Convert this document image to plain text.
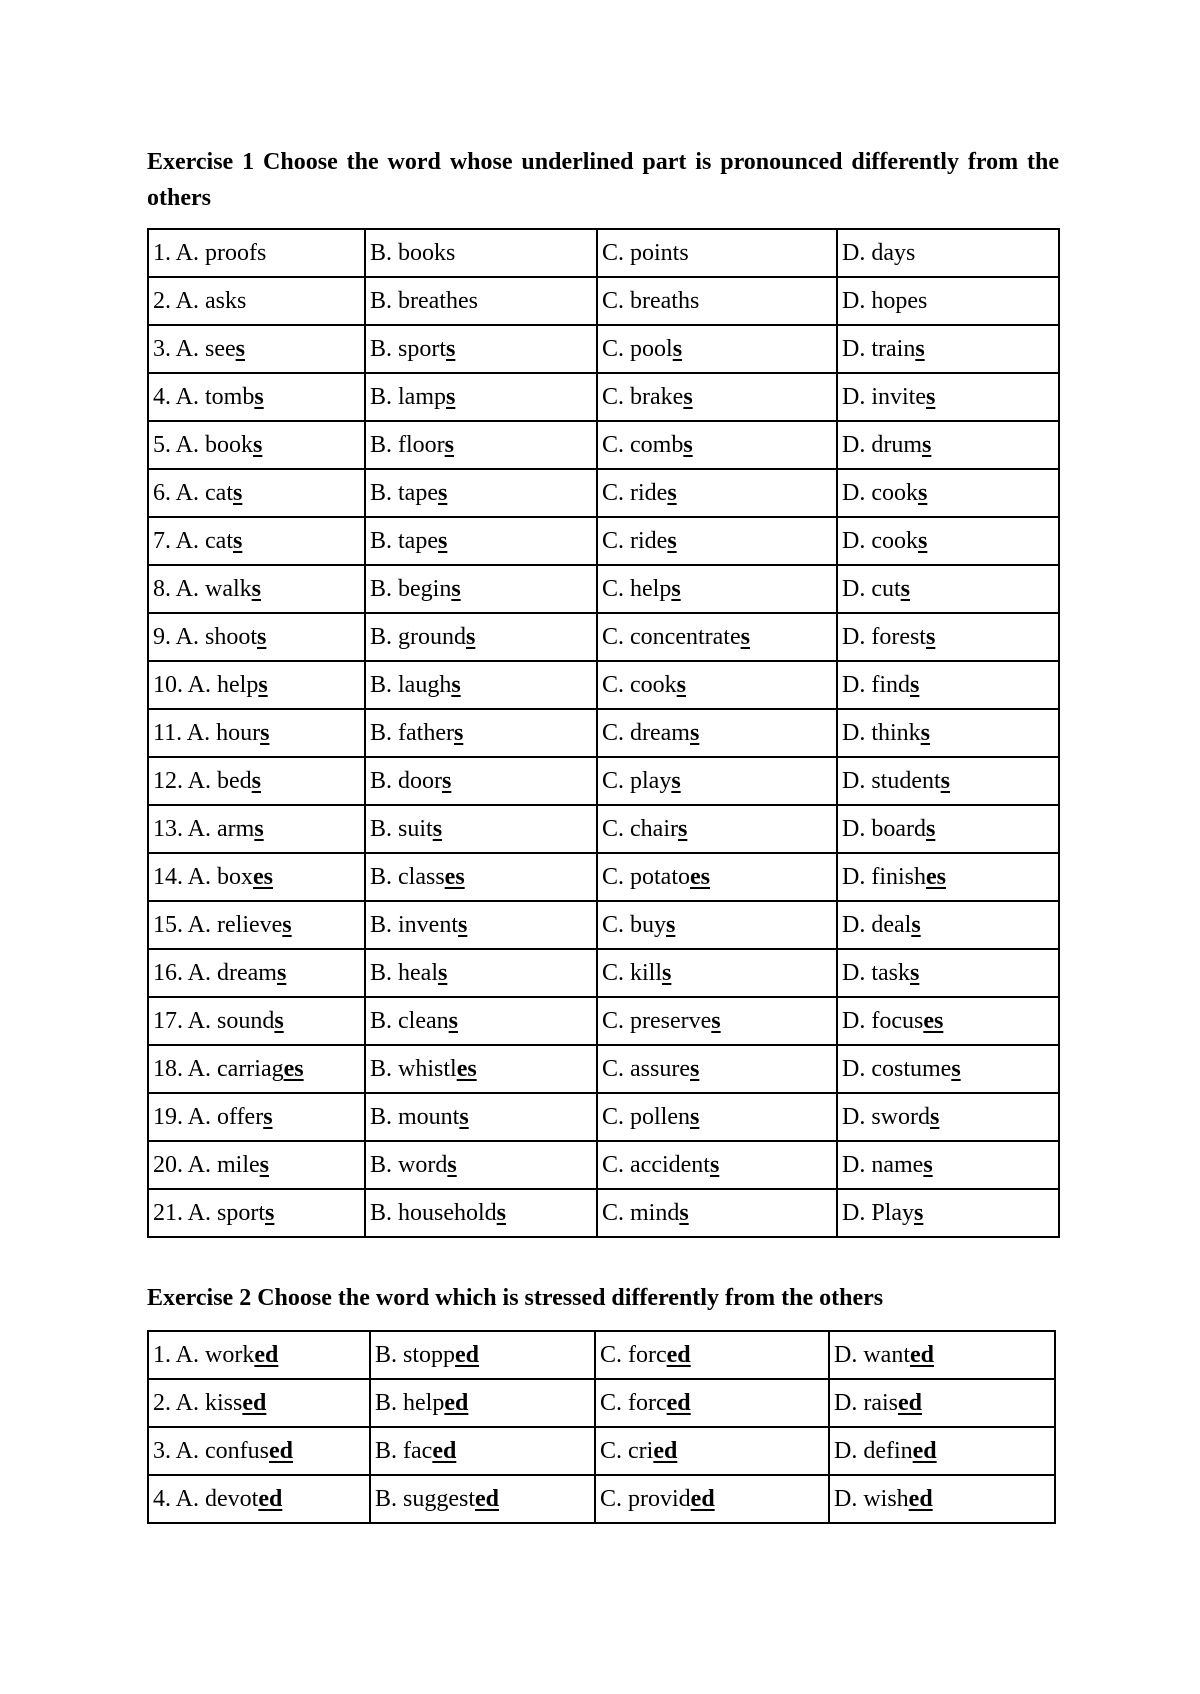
Exercise 1 Choose the word whose underlined part is pronounced differently from the others
1. A. proofs	B. books	C. points	D. days
2. A. asks	B. breathes	C. breaths	D. hopes
3. A. sees	B. sports	C. pools	D. trains
4. A. tombs	B. lamps	C. brakes	D. invites
5. A. books	B. floors	C. combs	D. drums
6. A. cats	B. tapes	C. rides	D. cooks
7. A. cats	B. tapes	C. rides	D. cooks
8. A. walks	B. begins	C. helps	D. cuts
9. A. shoots	B. grounds	C. concentrates	D. forests
10. A. helps	B. laughs	C. cooks	D. finds
11. A. hours	B. fathers	C. dreams	D. thinks
12. A. beds	B. doors	C. plays	D. students
13. A. arms	B. suits	C. chairs	D. boards
14. A. boxes	B. classes	C. potatoes	D. finishes
15. A. relieves	B. invents	C. buys	D. deals
16. A. dreams	B. heals	C. kills	D. tasks
17. A. sounds	B. cleans	C. preserves	D. focuses
18. A. carriages	B. whistles	C. assures	D. costumes
19. A. offers	B. mounts	C. pollens	D. swords
20. A. miles	B. words	C. accidents	D. names
21. A. sports	B. households	C. minds	D. Plays
Exercise 2 Choose the word which is stressed differently from the others
1. A. worked	B. stopped	C. forced	D. wanted
2. A. kissed	B. helped	C. forced	D. raised
3. A. confused	B. faced	C. cried	D. defined
4. A. devoted	B. suggested	C. provided	D. wished
